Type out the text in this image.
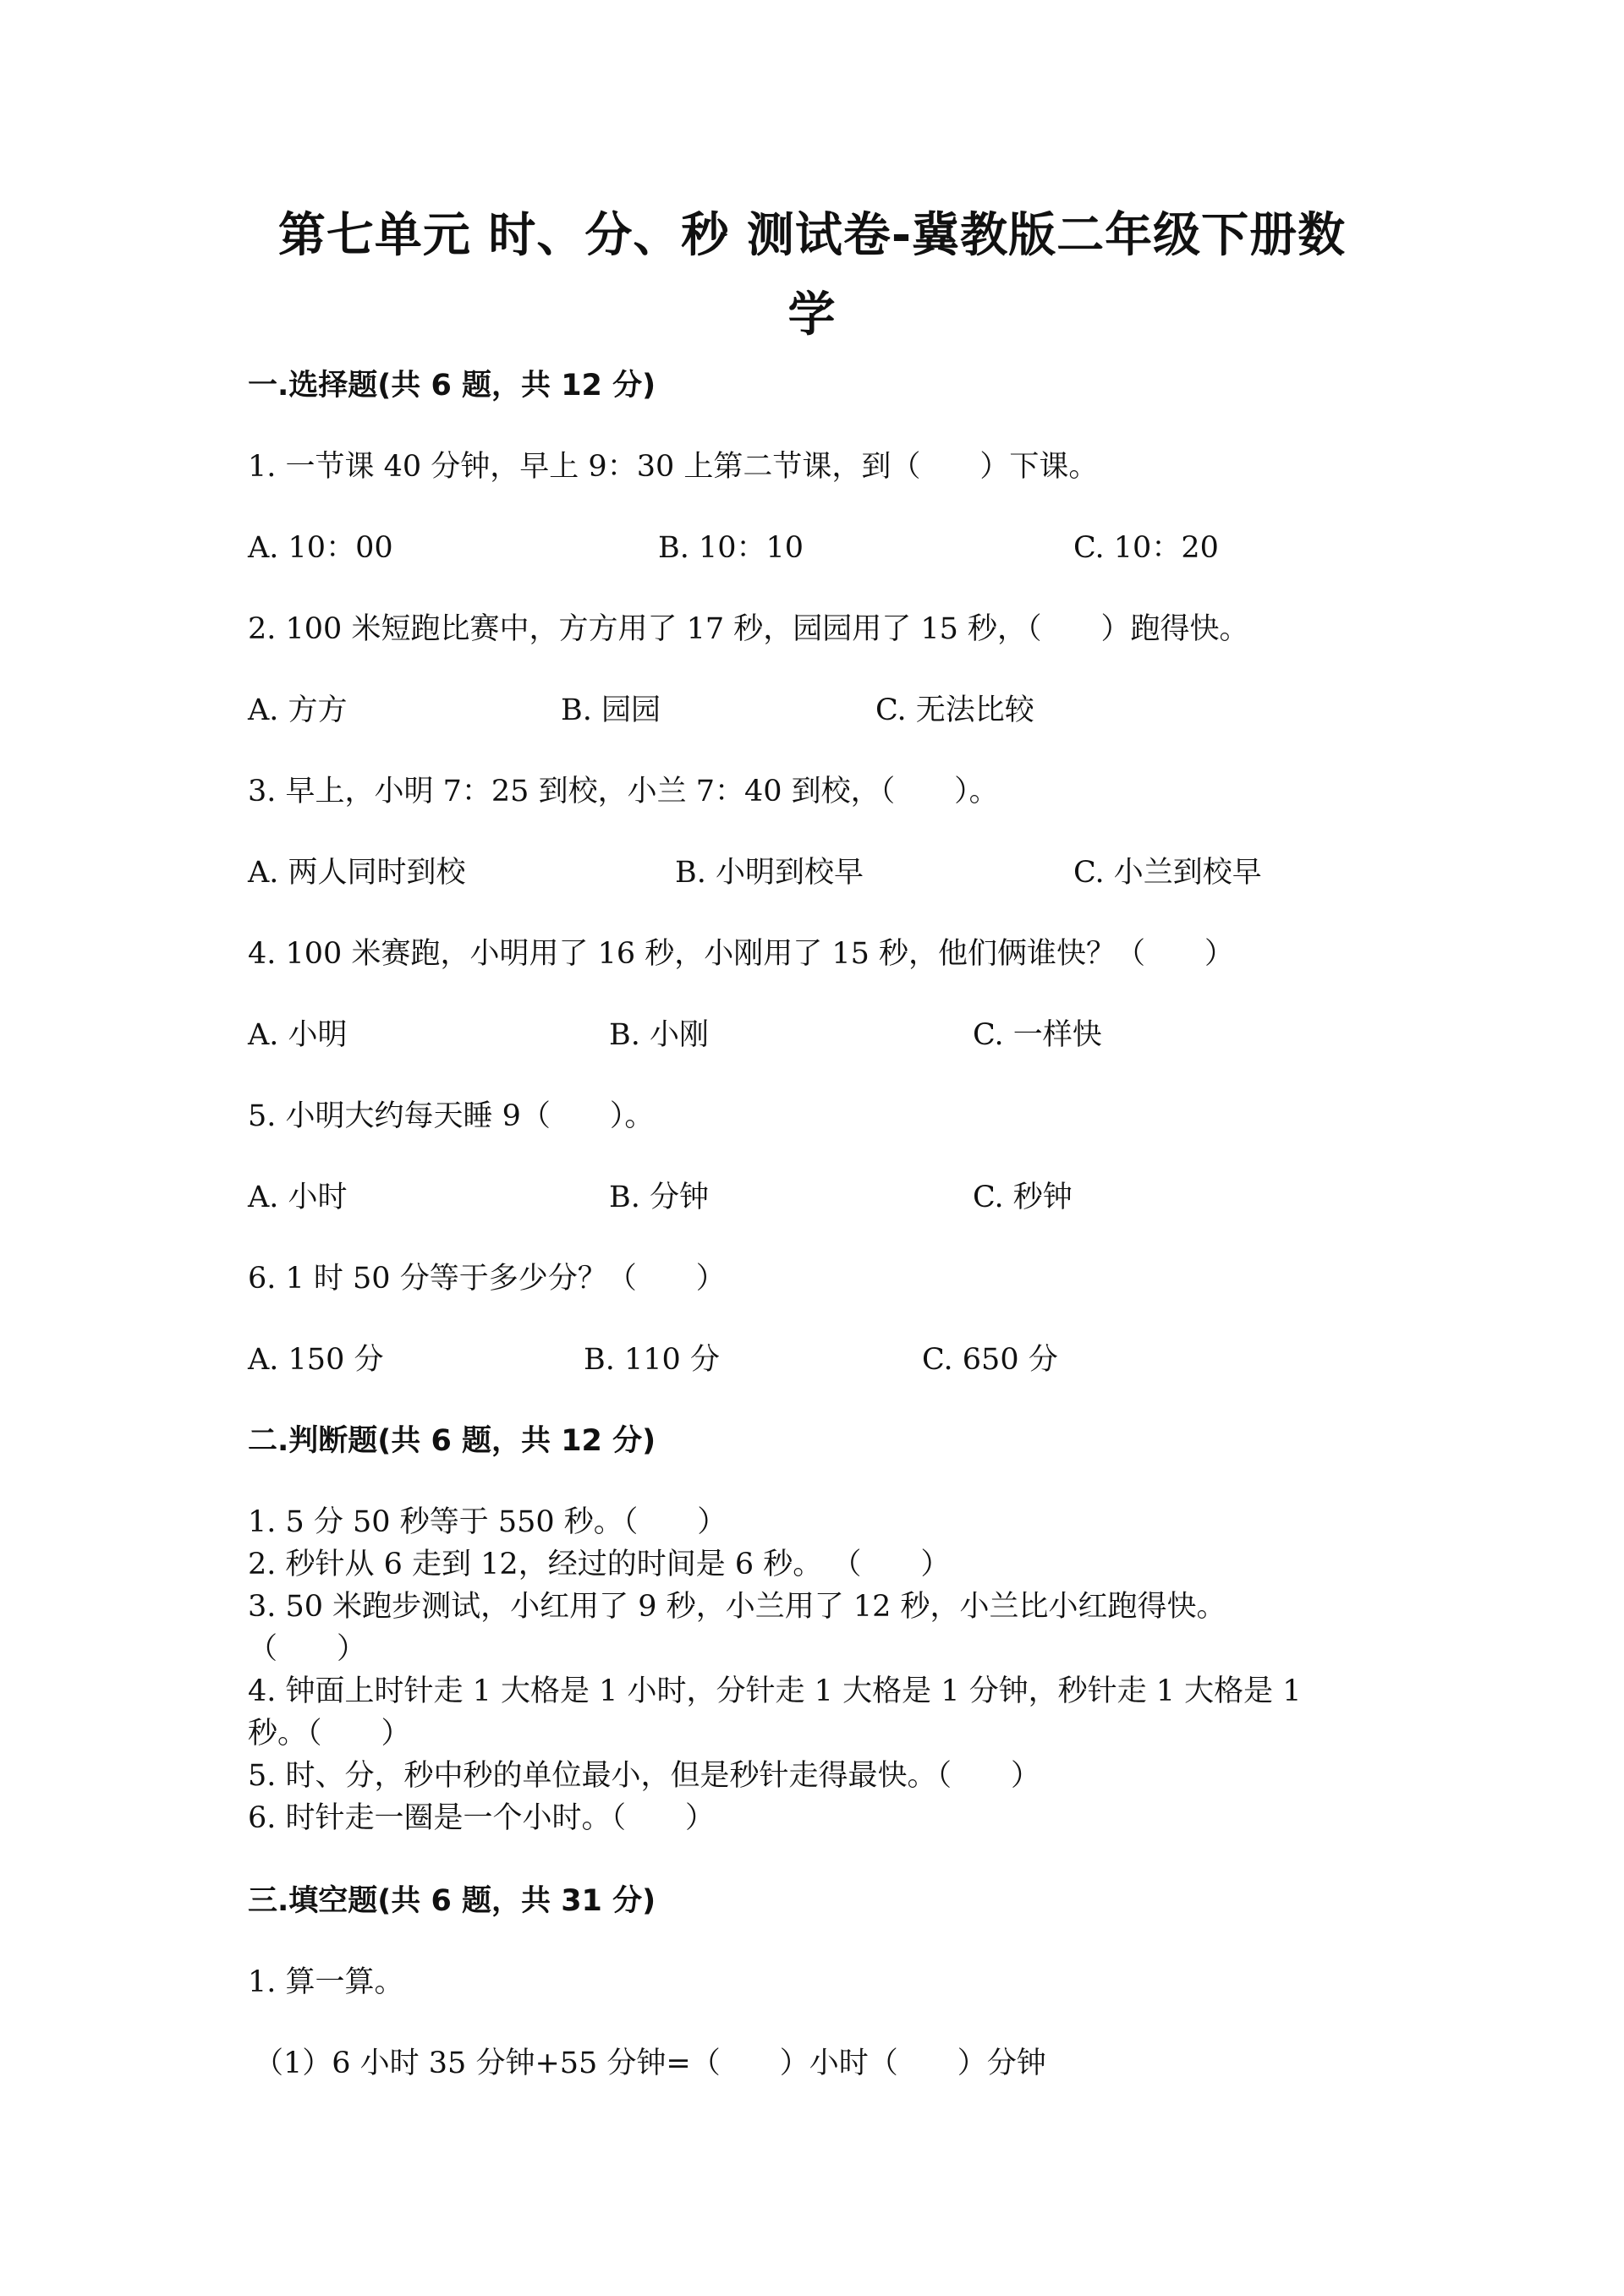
第七单元 时、分、秒 测试卷-冀教版二年级下册数
学
一.选择题(共 6 题，共 12 分)
1. 一节课 40 分钟，早上 9：30 上第二节课，到（　　）下课。
A. 10：00	B. 10：10	C. 10：20
2. 100 米短跑比赛中，方方用了 17 秒，园园用了 15 秒，（　　）跑得快。
A. 方方	B. 园园	C. 无法比较
3. 早上，小明 7：25 到校，小兰 7：40 到校，（　　）。
A. 两人同时到校	B. 小明到校早	C. 小兰到校早
4. 100 米赛跑，小明用了 16 秒，小刚用了 15 秒，他们俩谁快？（　　）
A. 小明	B. 小刚	C. 一样快
5. 小明大约每天睡 9（　　）。
A. 小时	B. 分钟	C. 秒钟
6. 1 时 50 分等于多少分？（　　）
A. 150 分	B. 110 分	C. 650 分
二.判断题(共 6 题，共 12 分)
1. 5 分 50 秒等于 550 秒。（　　）
2. 秒针从 6 走到 12，经过的时间是 6 秒。 （　　）
3. 50 米跑步测试，小红用了 9 秒，小兰用了 12 秒，小兰比小红跑得快。
（　　）
4. 钟面上时针走 1 大格是 1 小时，分针走 1 大格是 1 分钟，秒针走 1 大格是 1
秒。（　　）
5. 时、分，秒中秒的单位最小，但是秒针走得最快。（　　）
6. 时针走一圈是一个小时。（　　）
三.填空题(共 6 题，共 31 分)
1. 算一算。
（1）6 小时 35 分钟+55 分钟=（　　）小时（　　）分钟
